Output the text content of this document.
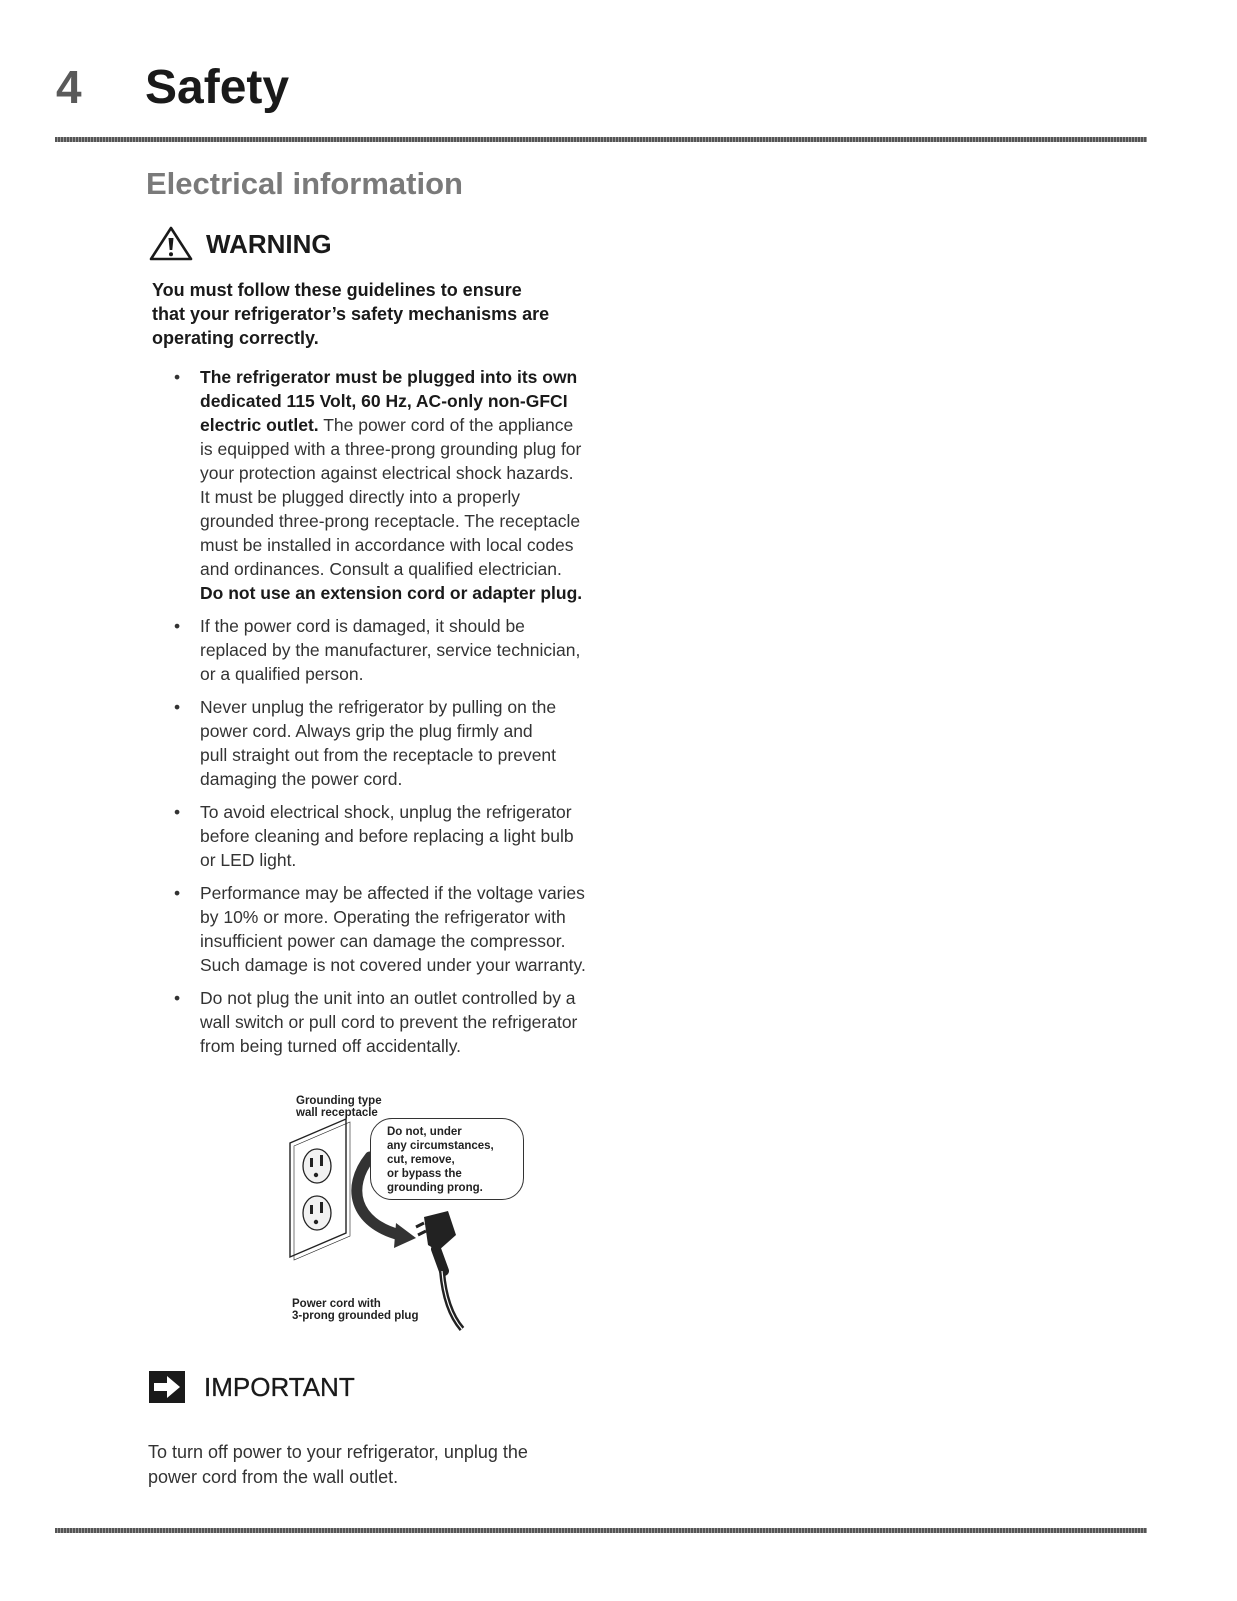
4 Safety
Electrical information
WARNING
You must follow these guidelines to ensure
that your refrigerator’s safety mechanisms are
operating correctly.
• The refrigerator must be plugged into its own
dedicated 115 Volt, 60 Hz, AC-only non-GFCI
electric outlet. The power cord of the appliance
is equipped with a three-prong grounding plug for
your protection against electrical shock hazards.
It must be plugged directly into a properly
grounded three-prong receptacle. The receptacle
must be installed in accordance with local codes
and ordinances. Consult a qualified electrician.
Do not use an extension cord or adapter plug.
• If the power cord is damaged, it should be
replaced by the manufacturer, service technician,
or a qualified person.
• Never unplug the refrigerator by pulling on the
power cord. Always grip the plug firmly and
pull straight out from the receptacle to prevent
damaging the power cord.
• To avoid electrical shock, unplug the refrigerator
before cleaning and before replacing a light bulb
or LED light.
• Performance may be affected if the voltage varies
by 10% or more. Operating the refrigerator with
insufficient power can damage the compressor.
Such damage is not covered under your warranty.
• Do not plug the unit into an outlet controlled by a
wall switch or pull cord to prevent the refrigerator
from being turned off accidentally.
Grounding type
wall receptacle
Do not, under
any circumstances,
cut, remove,
or bypass the
grounding prong.
Power cord with
3-prong grounded plug
IMPORTANT
To turn off power to your refrigerator, unplug the
power cord from the wall outlet.
